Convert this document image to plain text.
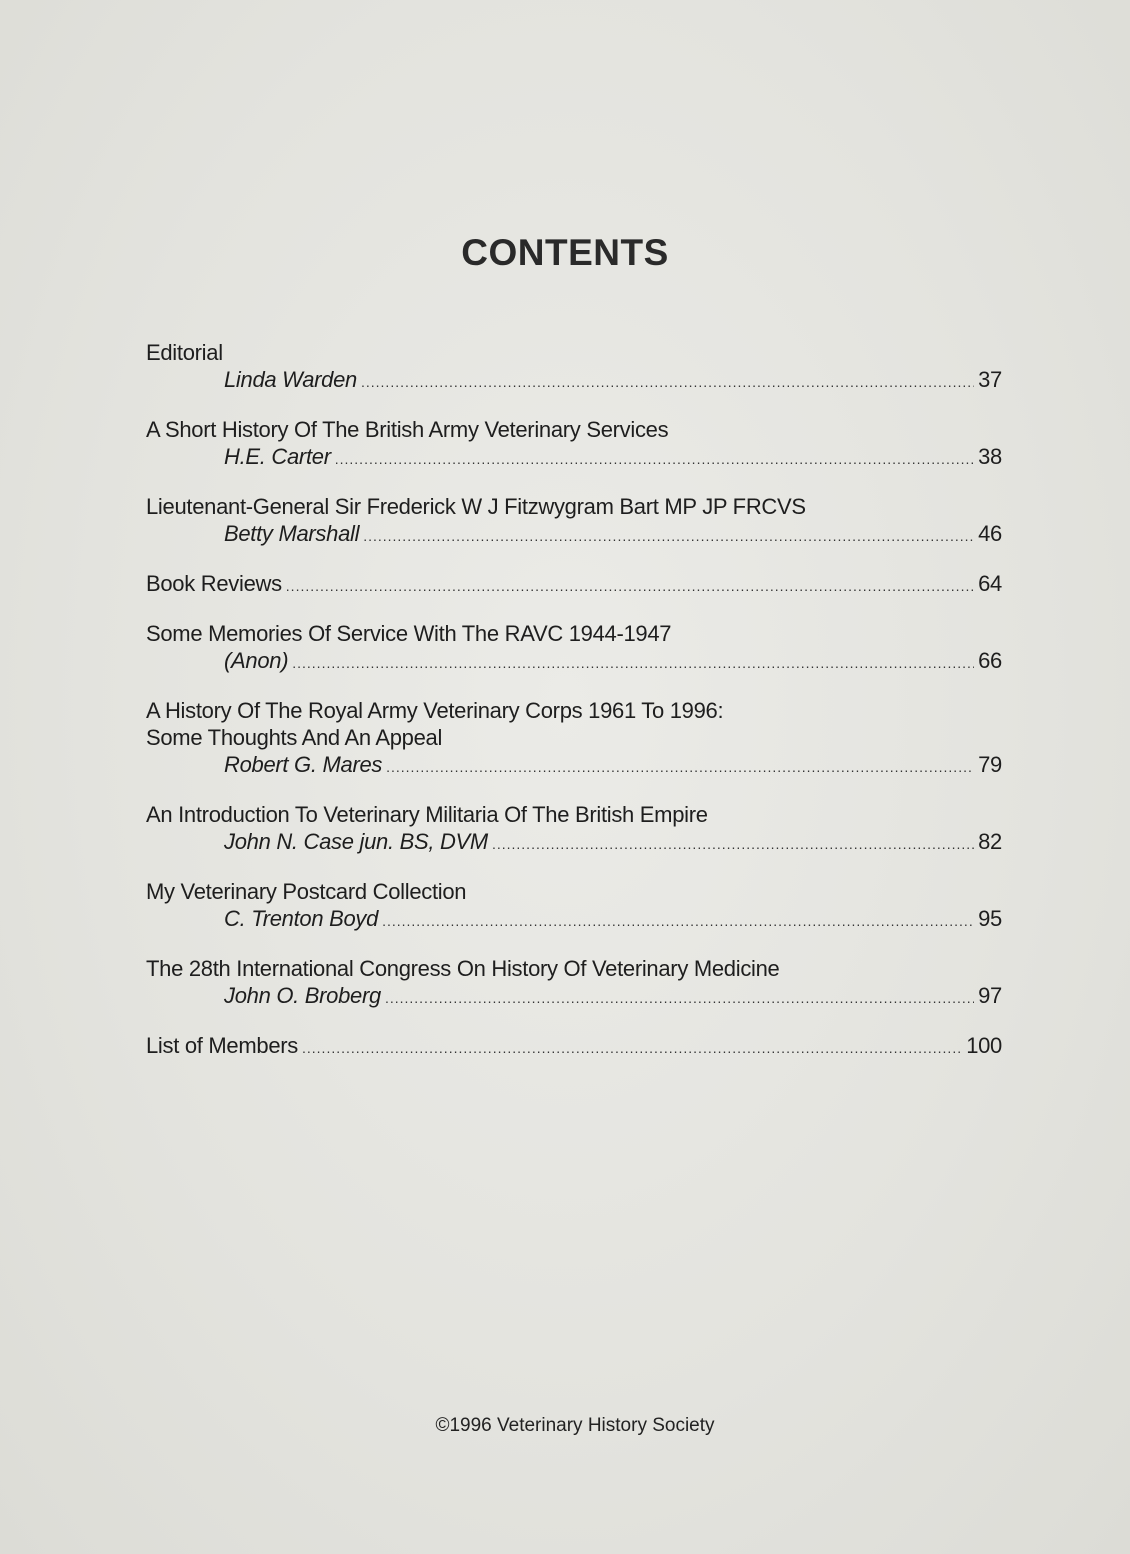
CONTENTS
Editorial
Linda Warden .....	37
A Short History Of The British Army Veterinary Services
H.E. Carter .....	38
Lieutenant-General Sir Frederick W J Fitzwygram Bart MP JP FRCVS
Betty Marshall .....	46
Book Reviews .....	64
Some Memories Of Service With The RAVC 1944-1947
(Anon) .....	66
A History Of The Royal Army Veterinary Corps 1961 To 1996:
Some Thoughts And An Appeal
Robert G. Mares .....	79
An Introduction To Veterinary Militaria Of The British Empire
John N. Case jun. BS, DVM .....	82
My Veterinary Postcard Collection
C. Trenton Boyd .....	95
The 28th International Congress On History Of Veterinary Medicine
John O. Broberg .....	97
List of Members .....	100
©1996 Veterinary History Society
